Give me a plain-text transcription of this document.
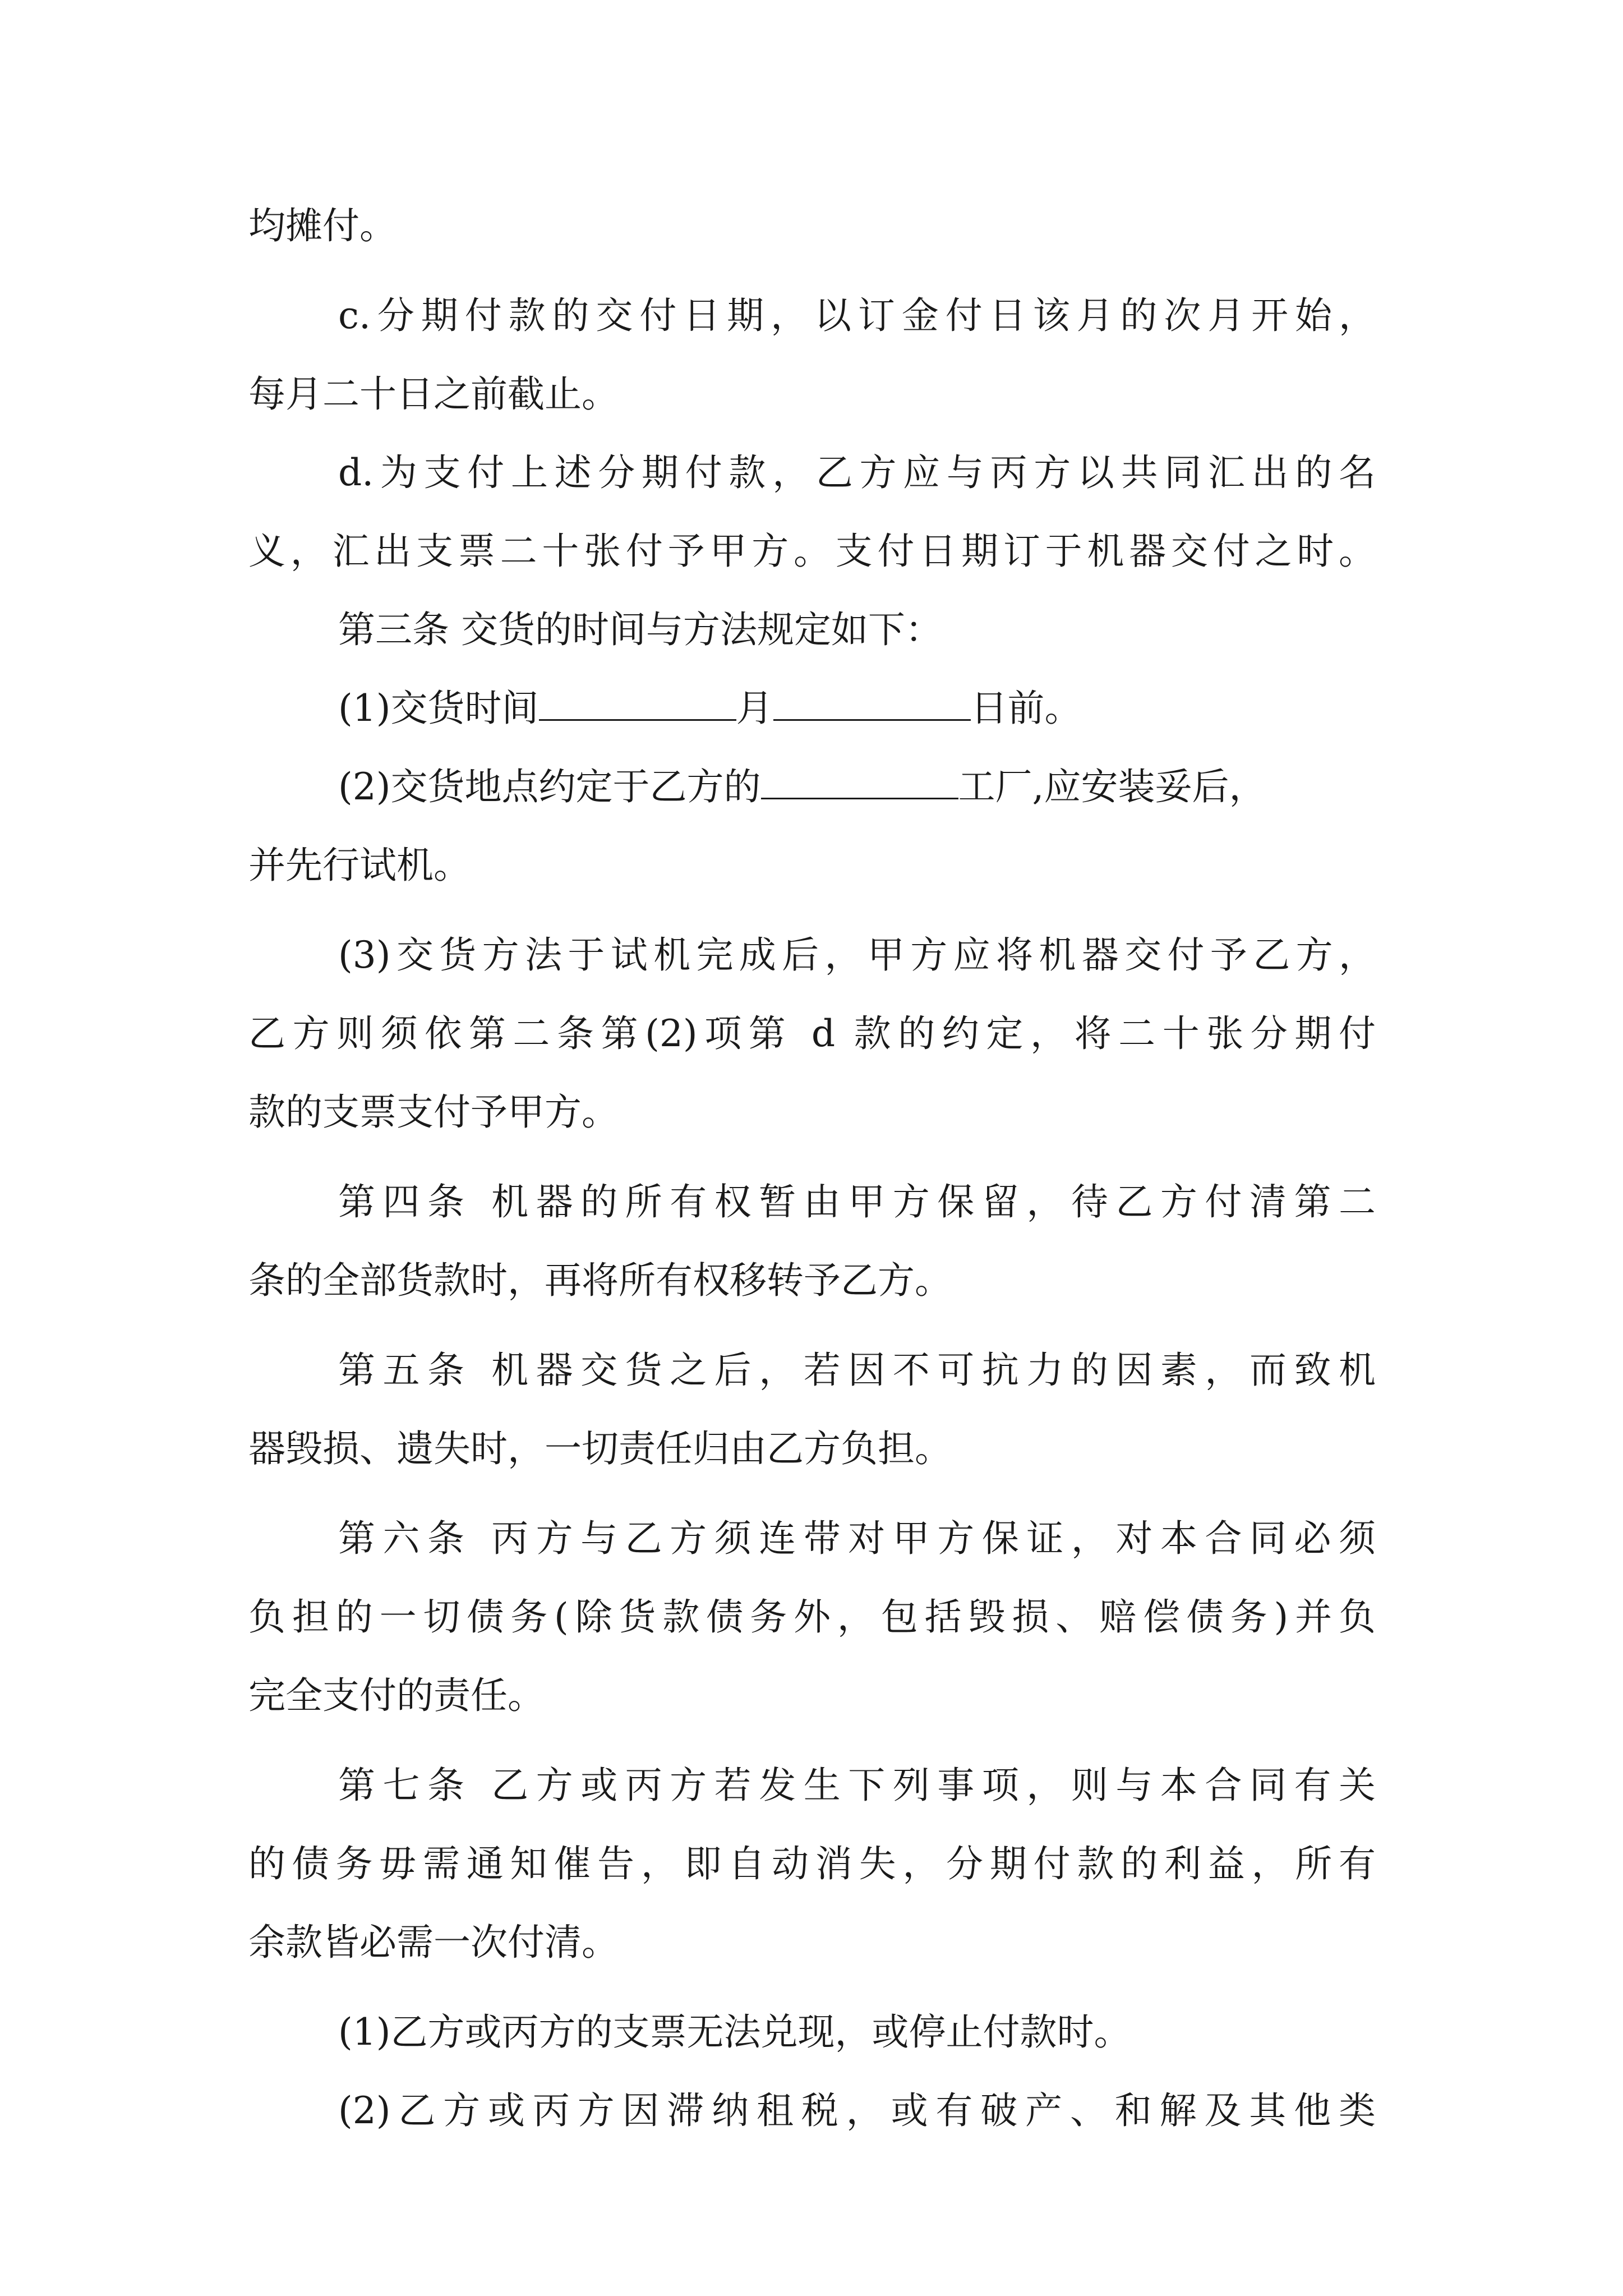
均摊付。

c.分期付款的交付日期，以订金付日该月的次月开始，

每月二十日之前截止。

d.为支付上述分期付款，乙方应与丙方以共同汇出的名

义，汇出支票二十张付予甲方。支付日期订于机器交付之时。

第三条 交货的时间与方法规定如下：

(1)交货时间	月	日前。

(2)交货地点约定于乙方的	工厂,应安装妥后，

并先行试机。

(3)交货方法于试机完成后，甲方应将机器交付予乙方，

乙方则须依第二条第(2)项第 d 款的约定，将二十张分期付

款的支票支付予甲方。

第四条 机器的所有权暂由甲方保留，待乙方付清第二

条的全部货款时，再将所有权移转予乙方。

第五条 机器交货之后，若因不可抗力的因素，而致机

器毁损、遗失时，一切责任归由乙方负担。

第六条 丙方与乙方须连带对甲方保证，对本合同必须

负担的一切债务(除货款债务外，包括毁损、赔偿债务)并负

完全支付的责任。

第七条 乙方或丙方若发生下列事项，则与本合同有关

的债务毋需通知催告，即自动消失，分期付款的利益，所有

余款皆必需一次付清。

(1)乙方或丙方的支票无法兑现，或停止付款时。

(2)乙方或丙方因滞纳租税，或有破产、和解及其他类
